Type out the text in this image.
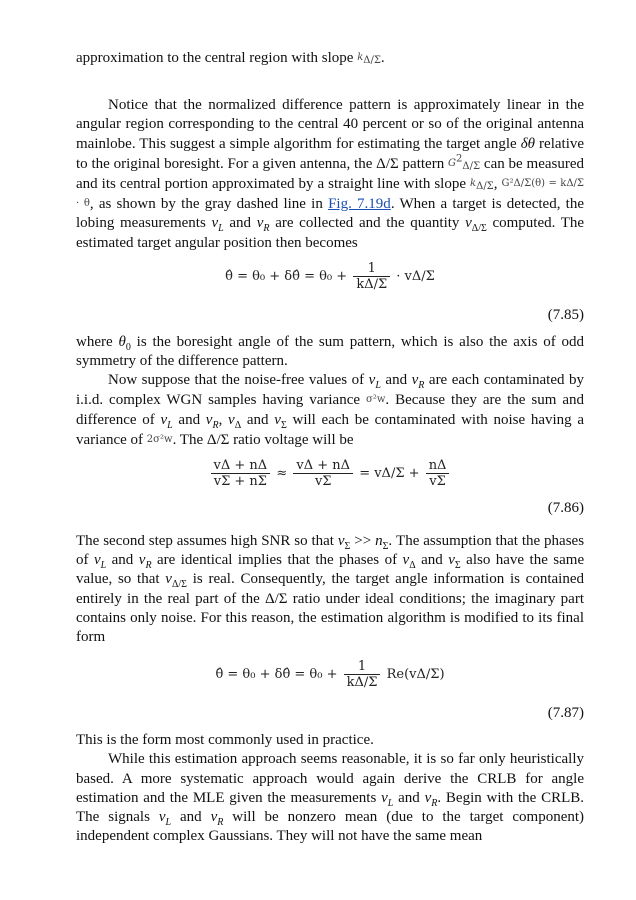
approximation to the central region with slope $k_{\Delta/\Sigma}$.

Notice that the normalized difference pattern is approximately linear in the angular region corresponding to the central 40 percent or so of the original antenna mainlobe. This suggest a simple algorithm for estimating the target angle δθ relative to the original boresight. For a given antenna, the Δ/Σ pattern $G^2_{\Delta/\Sigma}$ can be measured and its central portion approximated by a straight line with slope $k_{\Delta/\Sigma}$, G²Δ/Σ(θ) = kΔ/Σ · θ, as shown by the gray dashed line in Fig. 7.19d. When a target is detected, the lobing measurements $v_L$ and $v_R$ are collected and the quantity $v_{\Delta/\Sigma}$ computed. The estimated target angular position then becomes

θ̂ = θ₀ + δθ̂ = $\theta_0 + \frac{1}{k\Delta/\Sigma} \cdot v\Delta/\Sigma$
(7.85)

where $\theta_0$ is the boresight angle of the sum pattern, which is also the axis of odd symmetry of the difference pattern.

Now suppose that the noise-free values of $v_L$ and $v_R$ are each contaminated by i.i.d. complex WGN samples having variance σ²w. Because they are the sum and difference of $v_L$ and $v_R$, $v_\Delta$ and $v_\Sigma$ will each be contaminated with noise having a variance of 2σ²w. The Δ/Σ ratio voltage will be

$\frac{v\Delta + n\Delta}{v\Sigma + n\Sigma} \approx \frac{v\Delta + n\Delta}{v\Sigma} = v\Delta/\Sigma + \frac{n\Delta}{v\Sigma}$
(7.86)

The second step assumes high SNR so that $v_\Sigma >> n_\Sigma$. The assumption that the phases of $v_L$ and $v_R$ are identical implies that the phases of $v_\Delta$ and $v_\Sigma$ also have the same value, so that $v_{\Delta/\Sigma}$ is real. Consequently, the target angle information is contained entirely in the real part of the Δ/Σ ratio under ideal conditions; the imaginary part contains only noise. For this reason, the estimation algorithm is modified to its final form

θ̂ = θ₀ + δθ̂ = $\theta_0 + \frac{1}{k\Delta/\Sigma} Re(v\Delta/\Sigma)$
(7.87)

This is the form most commonly used in practice.

While this estimation approach seems reasonable, it is so far only heuristically based. A more systematic approach would again derive the CRLB for angle estimation and the MLE given the measurements $v_L$ and $v_R$. Begin with the CRLB. The signals $v_L$ and $v_R$ will be nonzero mean (due to the target component) independent complex Gaussians. They will not have the same mean
